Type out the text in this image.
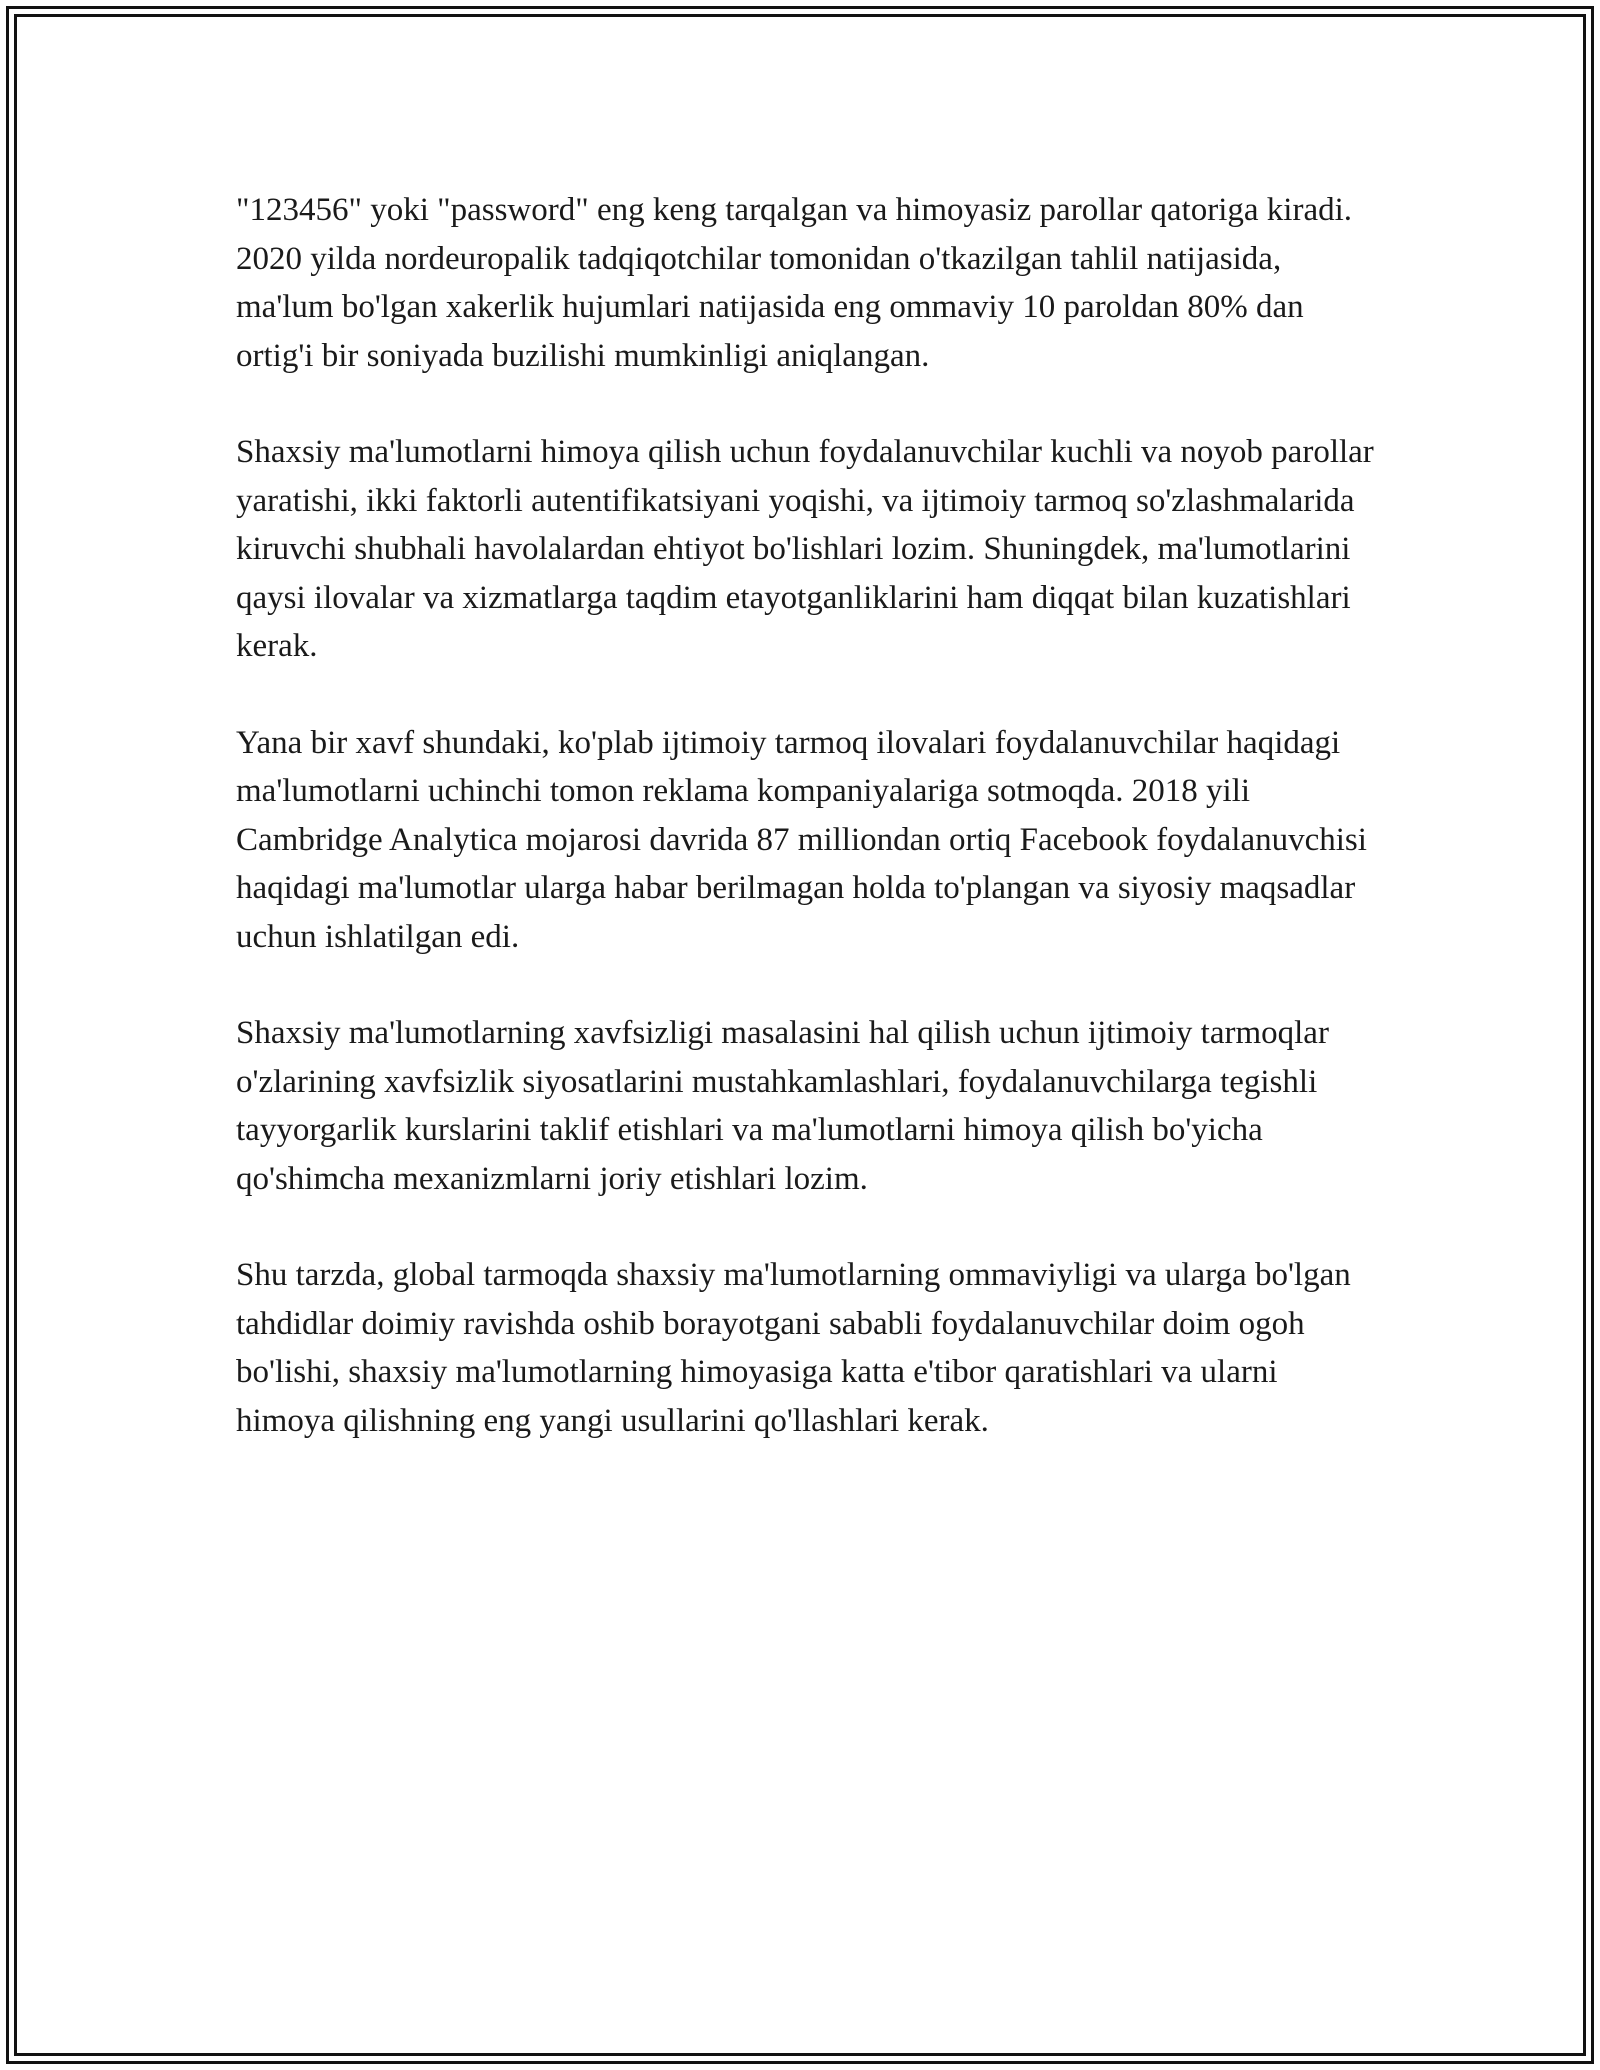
"123456" yoki "password" eng keng tarqalgan va himoyasiz parollar qatoriga kiradi. 2020 yilda nordeuropalik tadqiqotchilar tomonidan o'tkazilgan tahlil natijasida, ma'lum bo'lgan xakerlik hujumlari natijasida eng ommaviy 10 paroldan 80% dan ortig'i bir soniyada buzilishi mumkinligi aniqlangan.

Shaxsiy ma'lumotlarni himoya qilish uchun foydalanuvchilar kuchli va noyob parollar yaratishi, ikki faktorli autentifikatsiyani yoqishi, va ijtimoiy tarmoq so'zlashmalarida kiruvchi shubhali havolalardan ehtiyot bo'lishlari lozim. Shuningdek, ma'lumotlarini qaysi ilovalar va xizmatlarga taqdim etayotganliklarini ham diqqat bilan kuzatishlari kerak.

Yana bir xavf shundaki, ko'plab ijtimoiy tarmoq ilovalari foydalanuvchilar haqidagi ma'lumotlarni uchinchi tomon reklama kompaniyalariga sotmoqda. 2018 yili Cambridge Analytica mojarosi davrida 87 milliondan ortiq Facebook foydalanuvchisi haqidagi ma'lumotlar ularga habar berilmagan holda to'plangan va siyosiy maqsadlar uchun ishlatilgan edi.

Shaxsiy ma'lumotlarning xavfsizligi masalasini hal qilish uchun ijtimoiy tarmoqlar o'zlarining xavfsizlik siyosatlarini mustahkamlashlari, foydalanuvchilarga tegishli tayyorgarlik kurslarini taklif etishlari va ma'lumotlarni himoya qilish bo'yicha qo'shimcha mexanizmlarni joriy etishlari lozim.

Shu tarzda, global tarmoqda shaxsiy ma'lumotlarning ommaviyligi va ularga bo'lgan tahdidlar doimiy ravishda oshib borayotgani sababli foydalanuvchilar doim ogoh bo'lishi, shaxsiy ma'lumotlarning himoyasiga katta e'tibor qaratishlari va ularni himoya qilishning eng yangi usullarini qo'llashlari kerak.
